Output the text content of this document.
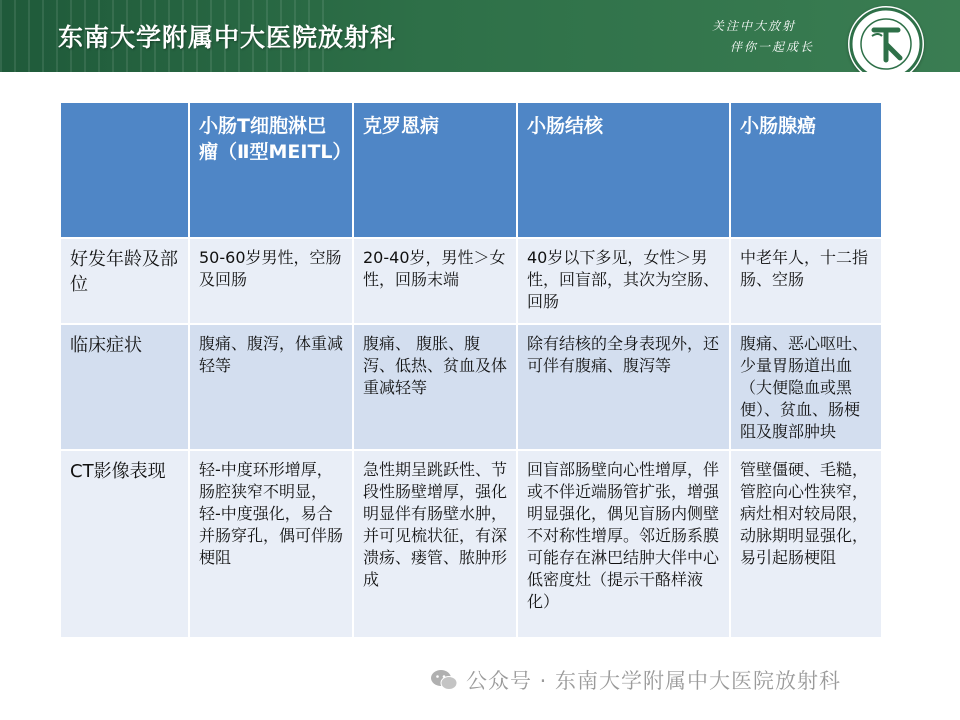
东南大学附属中大医院放射科	关注中大放射
伴你一起成长
	小肠T细胞淋巴瘤（Ⅱ型MEITL）	克罗恩病	小肠结核	小肠腺癌
好发年龄及部位	50-60岁男性，空肠及回肠	20-40岁，男性＞女性，回肠末端	40岁以下多见，女性＞男性，回盲部，其次为空肠、回肠	中老年人，十二指肠、空肠
临床症状	腹痛、腹泻，体重减轻等	腹痛、 腹胀、腹泻、低热、贫血及体重减轻等	除有结核的全身表现外，还可伴有腹痛、腹泻等	腹痛、恶心呕吐、少量胃肠道出血（大便隐血或黑便）、贫血、肠梗阻及腹部肿块
CT影像表现	轻-中度环形增厚，肠腔狭窄不明显，轻-中度强化，易合并肠穿孔，偶可伴肠梗阻	急性期呈跳跃性、节段性肠壁增厚，强化明显伴有肠壁水肿，并可见梳状征，有深溃疡、瘘管、脓肿形成	回盲部肠壁向心性增厚，伴或不伴近端肠管扩张，增强明显强化，偶见盲肠内侧壁不对称性增厚。邻近肠系膜可能存在淋巴结肿大伴中心低密度灶（提示干酪样液化）	管壁僵硬、毛糙，管腔向心性狭窄，病灶相对较局限，动脉期明显强化，易引起肠梗阻
公众号 · 东南大学附属中大医院放射科
